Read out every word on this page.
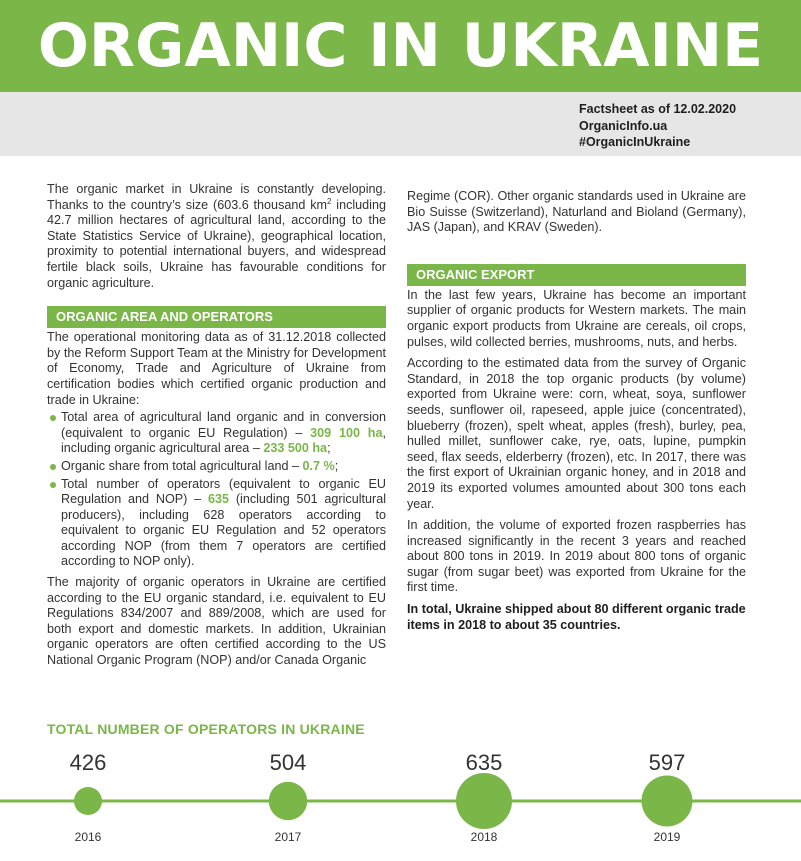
ORGANIC IN UKRAINE
Factsheet as of 12.02.2020
OrganicInfo.ua
#OrganicInUkraine

The organic market in Ukraine is constantly developing. Thanks to the country’s size (603.6 thousand $km^2$ including 42.7 million hectares of agricultural land, according to the State Statistics Service of Ukraine), geographical location, proximity to potential international buyers, and widespread fertile black soils, Ukraine has favourable conditions for organic agriculture.

ORGANIC AREA AND OPERATORS

The operational monitoring data as of 31.12.2018 collected by the Reform Support Team at the Ministry for Development of Economy, Trade and Agriculture of Ukraine from certification bodies which certified organic production and trade in Ukraine:

Total area of agricultural land organic and in conversion (equivalent to organic EU Regulation) – 309 100 ha, including organic agricultural area – 233 500 ha;
Organic share from total agricultural land – 0.7 %;
Total number of operators (equivalent to organic EU Regulation and NOP) – 635 (including 501 agricultural producers), including 628 operators according to equivalent to organic EU Regulation and 52 operators according NOP (from them 7 operators are certified according to NOP only).

The majority of organic operators in Ukraine are certified according to the EU organic standard, i.e. equivalent to EU Regulations 834/2007 and 889/2008, which are used for both export and domestic markets. In addition, Ukrainian organic operators are often certified according to the US National Organic Program (NOP) and/or Canada Organic

Regime (COR). Other organic standards used in Ukraine are Bio Suisse (Switzerland), Naturland and Bioland (Germany), JAS (Japan), and KRAV (Sweden).

ORGANIC EXPORT

In the last few years, Ukraine has become an important supplier of organic products for Western markets. The main organic export products from Ukraine are cereals, oil crops, pulses, wild collected berries, mushrooms, nuts, and herbs.

According to the estimated data from the survey of Organic Standard, in 2018 the top organic products (by volume) exported from Ukraine were: corn, wheat, soya, sunflower seeds, sunflower oil, rapeseed, apple juice (concentrated), blueberry (frozen), spelt wheat, apples (fresh), burley, pea, hulled millet, sunflower cake, rye, oats, lupine, pumpkin seed, flax seeds, elderberry (frozen), etc. In 2017, there was the first export of Ukrainian organic honey, and in 2018 and 2019 its exported volumes amounted about 300 tons each year.

In addition, the volume of exported frozen raspberries has increased significantly in the recent 3 years and reached about 800 tons in 2019. In 2019 about 800 tons of organic sugar (from sugar beet) was exported from Ukraine for the first time.

In total, Ukraine shipped about 80 different organic trade items in 2018 to about 35 countries.

TOTAL NUMBER OF OPERATORS IN UKRAINE
426
2016
504
2017
635
2018
597
2019
